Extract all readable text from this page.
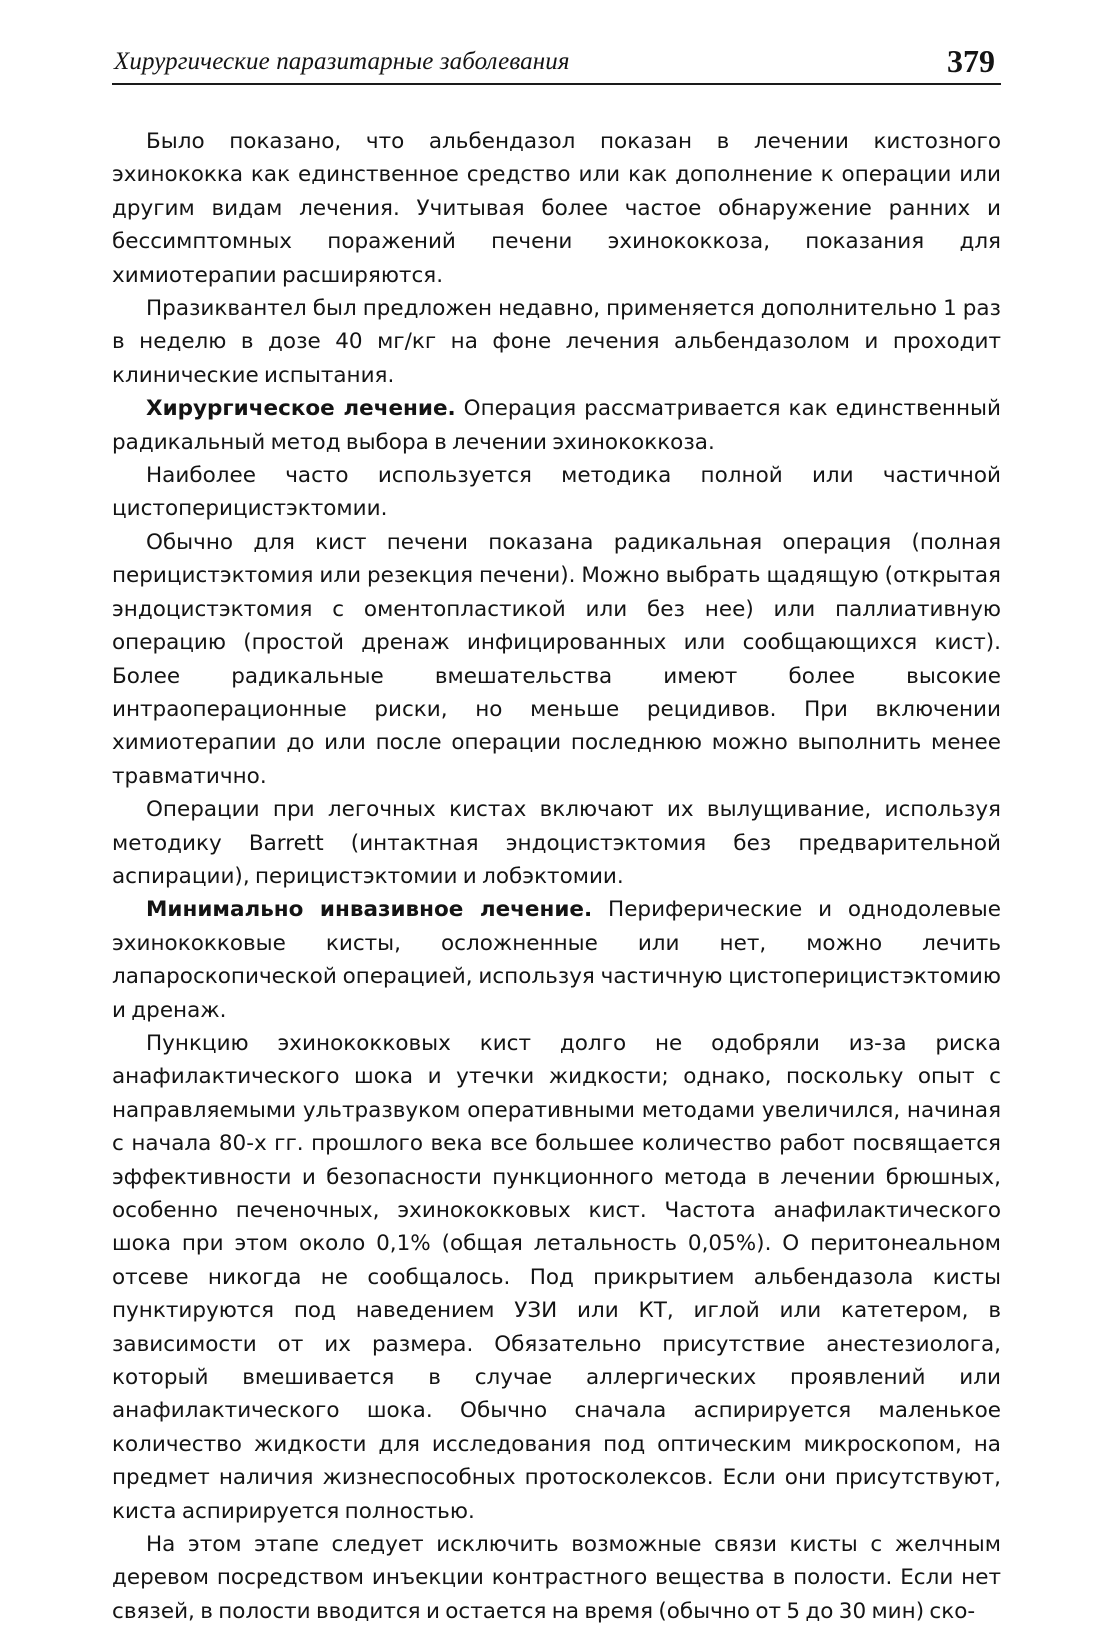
Хирургические паразитарные заболевания	379

Было показано, что альбендазол показан в лечении кистозного эхинококка как единственное средство или как дополнение к операции или другим видам лечения. Учитывая более частое обнаружение ранних и бессимптомных поражений печени эхинококкоза, показания для химиотерапии расширяются.

Празиквантел был предложен недавно, применяется дополнительно 1 раз в неделю в дозе 40 мг/кг на фоне лечения альбендазолом и проходит клинические испытания.

Хирургическое лечение. Операция рассматривается как единственный радикальный метод выбора в лечении эхинококкоза.

Наиболее часто используется методика полной или частичной цистоперицистэктомии.

Обычно для кист печени показана радикальная операция (полная перицистэктомия или резекция печени). Можно выбрать щадящую (открытая эндоцистэктомия с оментопластикой или без нее) или паллиативную операцию (простой дренаж инфицированных или сообщающихся кист). Более радикальные вмешательства имеют более высокие интраоперационные риски, но меньше рецидивов. При включении химиотерапии до или после операции последнюю можно выполнить менее травматично.

Операции при легочных кистах включают их вылущивание, используя методику Barrett (интактная эндоцистэктомия без предварительной аспирации), перицистэктомии и лобэктомии.

Минимально инвазивное лечение. Периферические и однодолевые эхинококковые кисты, осложненные или нет, можно лечить лапароскопической операцией, используя частичную цистоперицистэктомию и дренаж.

Пункцию эхинококковых кист долго не одобряли из-за риска анафилактического шока и утечки жидкости; однако, поскольку опыт с направляемыми ультразвуком оперативными методами увеличился, начиная с начала 80-х гг. прошлого века все большее количество работ посвящается эффективности и безопасности пункционного метода в лечении брюшных, особенно печеночных, эхинококковых кист. Частота анафилактического шока при этом около 0,1% (общая летальность 0,05%). О перитонеальном отсеве никогда не сообщалось. Под прикрытием альбендазола кисты пунктируются под наведением УЗИ или КТ, иглой или катетером, в зависимости от их размера. Обязательно присутствие анестезиолога, который вмешивается в случае аллергических проявлений или анафилактического шока. Обычно сначала аспирируется маленькое количество жидкости для исследования под оптическим микроскопом, на предмет наличия жизнеспособных протосколексов. Если они присутствуют, киста аспирируется полностью.

На этом этапе следует исключить возможные связи кисты с желчным деревом посредством инъекции контрастного вещества в полости. Если нет связей, в полости вводится и остается на время (обычно от 5 до 30 мин) ско-
